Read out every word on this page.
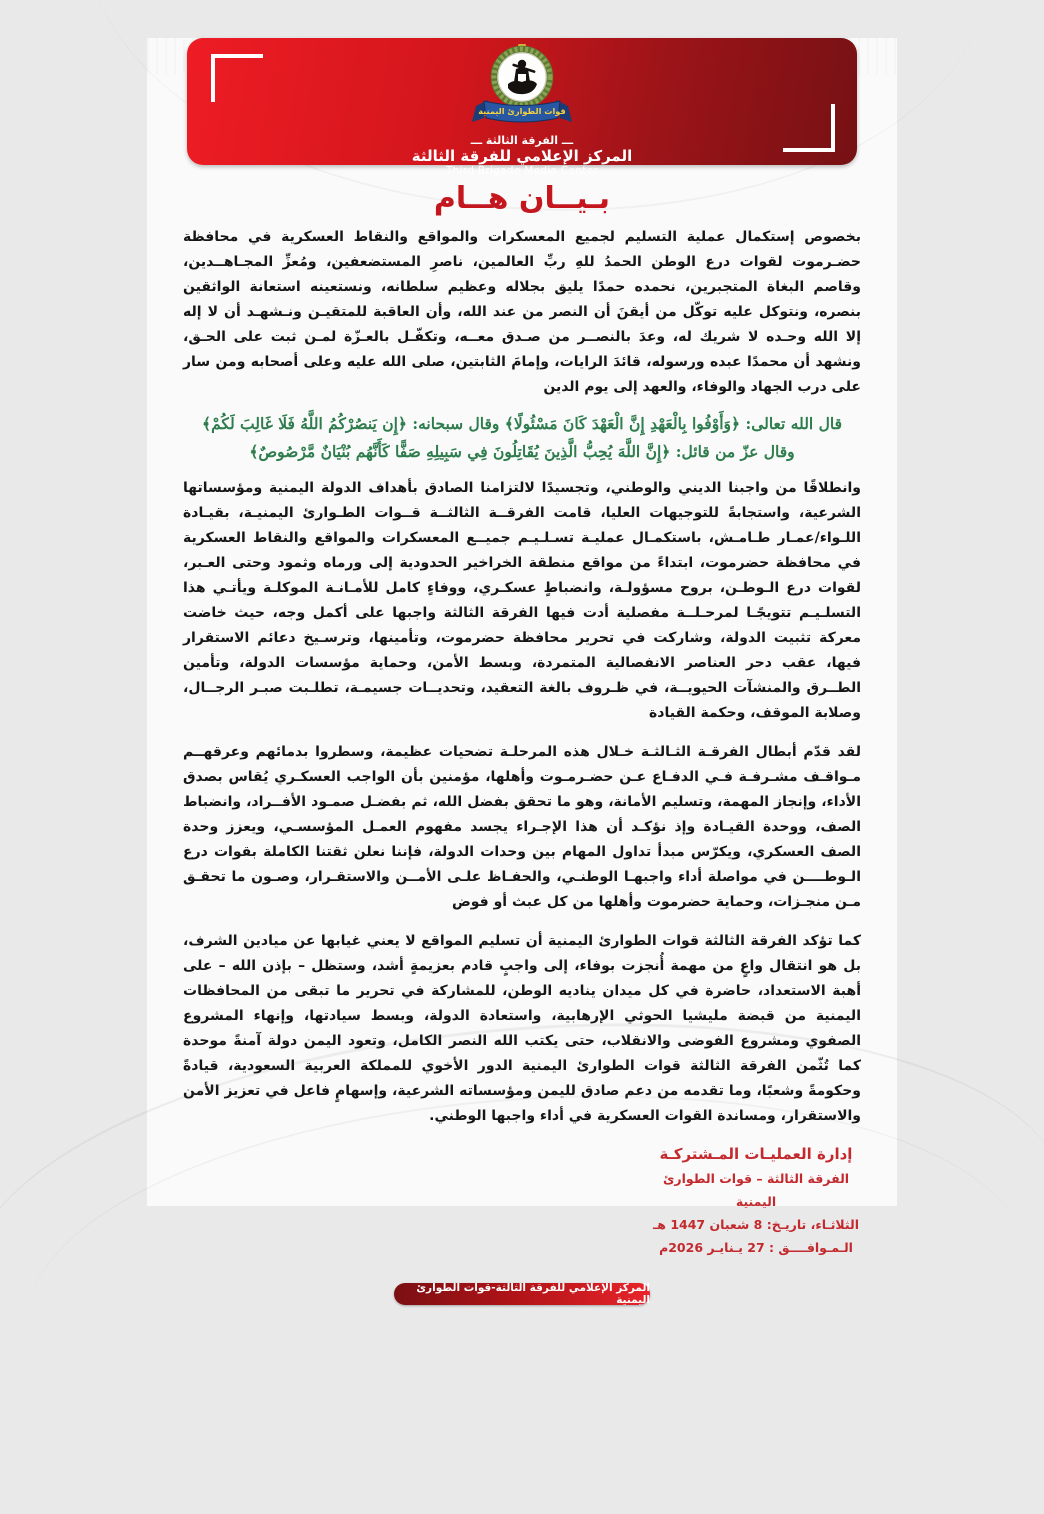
قوات الطوارئ اليمنية
ـــ الفرقة الثالثة ـــ
المركز الإعلامي للفرقة الثالثة
Third Brigade Media Center
بـيــان هــام

بخصوص إستكمال عملية التسليم لجميع المعسكرات والمواقع والنقاط العسكرية في محافظة حضـرموت لقوات درع الوطن الحمدُ للهِ ربِّ العالمين، ناصرِ المستضعفين، ومُعزِّ المجـاهــدين، وقاصم البغاة المتجبرين، نحمده حمدًا يليق بجلاله وعظيم سلطانه، ونستعينه استعانة الواثقين بنصره، ونتوكل عليه توكّل من أيقنَ أن النصر من عند الله، وأن العاقبة للمتقيـن ونـشهـد أن لا إله إلا الله وحـده لا شريك له، وعدَ بالنصــر من صـدق معــه، وتكفّـل بالعـزّة لمـن ثبت على الحـق، ونشهد أن محمدًا عبده ورسوله، قائدَ الرايات، وإمامَ الثابتين، صلى الله عليه وعلى أصحابه ومن سار على درب الجهاد والوفاء، والعهد إلى يوم الدين

قال الله تعالى: ﴿وَأَوْفُوا بِالْعَهْدِ إِنَّ الْعَهْدَ كَانَ مَسْئُولًا﴾ وقال سبحانه: ﴿إِن يَنصُرْكُمُ اللَّهُ فَلَا غَالِبَ لَكُمْ﴾
وقال عزّ من قائل: ﴿إِنَّ اللَّهَ يُحِبُّ الَّذِينَ يُقَاتِلُونَ فِي سَبِيلِهِ صَفًّا كَأَنَّهُم بُنْيَانٌ مَّرْصُوصٌ﴾

وانطلاقًا من واجبنا الديني والوطني، وتجسيدًا لالتزامنا الصادق بأهداف الدولة اليمنية ومؤسساتها الشرعية، واستجابةً للتوجيهات العليا، قامت الفرقــة الثالثــة قــوات الطـوارئ اليمنيـة، بقيـادة اللـواء/عمـار طـامـش، باستكمـال عمليـة تسـلـيـم جميــع المعسكرات والمواقع والنقاط العسكرية في محافظة حضرموت، ابتداءً من مواقع منطقة الخراخير الحدودية إلى ورماه وثمود وحتى العـبر، لقوات درع الـوطـن، بروح مسؤولـة، وانضباطٍ عسكـري، ووفاءٍ كامل للأمـانـة الموكلـة ويأتـي هذا التسلـيـم تتويجًـا لمرحـلــة مفصلية أدت فيها الفرقة الثالثة واجبها على أكمل وجه، حيث خاضت معركة تثبيت الدولة، وشاركت في تحرير محافظة حضرموت، وتأمينها، وترسـيخ دعائم الاستقرار فيها، عقب دحر العناصر الانفصالية المتمردة، وبسط الأمن، وحماية مؤسسات الدولة، وتأمين الطــرق والمنشآت الحيويــة، في ظـروف بالغة التعقيد، وتحديــات جسيمـة، تطلـبت صبـر الرجــال، وصلابة الموقف، وحكمة القيادة

لقد قدّم أبطال الفرقـة الثـالثـة خـلال هذه المرحلـة تضحيات عظيمة، وسطروا بدمائهم وعرقهــم مـواقـف مشـرفـة فـي الدفـاع عـن حضـرمـوت وأهلها، مؤمنين بأن الواجب العسكـري يُقاس بصدق الأداء، وإنجاز المهمة، وتسليم الأمانة، وهو ما تحقق بفضل الله، ثم بفضـل صمـود الأفــراد، وانضباط الصف، ووحدة القيـادة وإذ نؤكـد أن هذا الإجـراء يجسد مفهوم العمـل المؤسسـي، ويعزز وحدة الصف العسكري، ويكرّس مبدأ تداول المهام بين وحدات الدولة، فإننا نعلن ثقتنا الكاملة بقوات درع الـوطــــن في مواصلة أداء واجبهـا الوطنـي، والحفـاظ علـى الأمــن والاستقـرار، وصـون ما تحقـق مـن منجـزات، وحماية حضرموت وأهلها من كل عبث أو فوض

كما تؤكد الفرقة الثالثة قوات الطوارئ اليمنية أن تسليم المواقع لا يعني غيابها عن ميادين الشرف، بل هو انتقال واعٍ من مهمة أُنجزت بوفاء، إلى واجبٍ قادم بعزيمةٍ أشد، وستظل – بإذن الله – على أهبة الاستعداد، حاضرة في كل ميدان يناديه الوطن، للمشاركة في تحرير ما تبقى من المحافظات اليمنية من قبضة مليشيا الحوثي الإرهابية، واستعادة الدولة، وبسط سيادتها، وإنهاء المشروع الصفوي ومشروع الفوضى والانقلاب، حتى يكتب الله النصر الكامل، وتعود اليمن دولة آمنةً موحدة كما تُثّمن الفرقة الثالثة قوات الطوارئ اليمنية الدور الأخوي للمملكة العربية السعودية، قيادةً وحكومةً وشعبًا، وما تقدمه من دعم صادق لليمن ومؤسساته الشرعية، وإسهامٍ فاعل في تعزيز الأمن والاستقرار، ومساندة القوات العسكرية في أداء واجبها الوطني.

إدارة العمليـات المـشتركـة
الفرقة الثالثة – قوات الطوارئ اليمنية
الثلاثـاء، تاريـخ: 8 شعبان 1447 هـ
الـمـوافــــق : 27 يـنايـر 2026م
المركز الإعلامي للفرقة الثالثة-قوات الطوارئ اليمنية
